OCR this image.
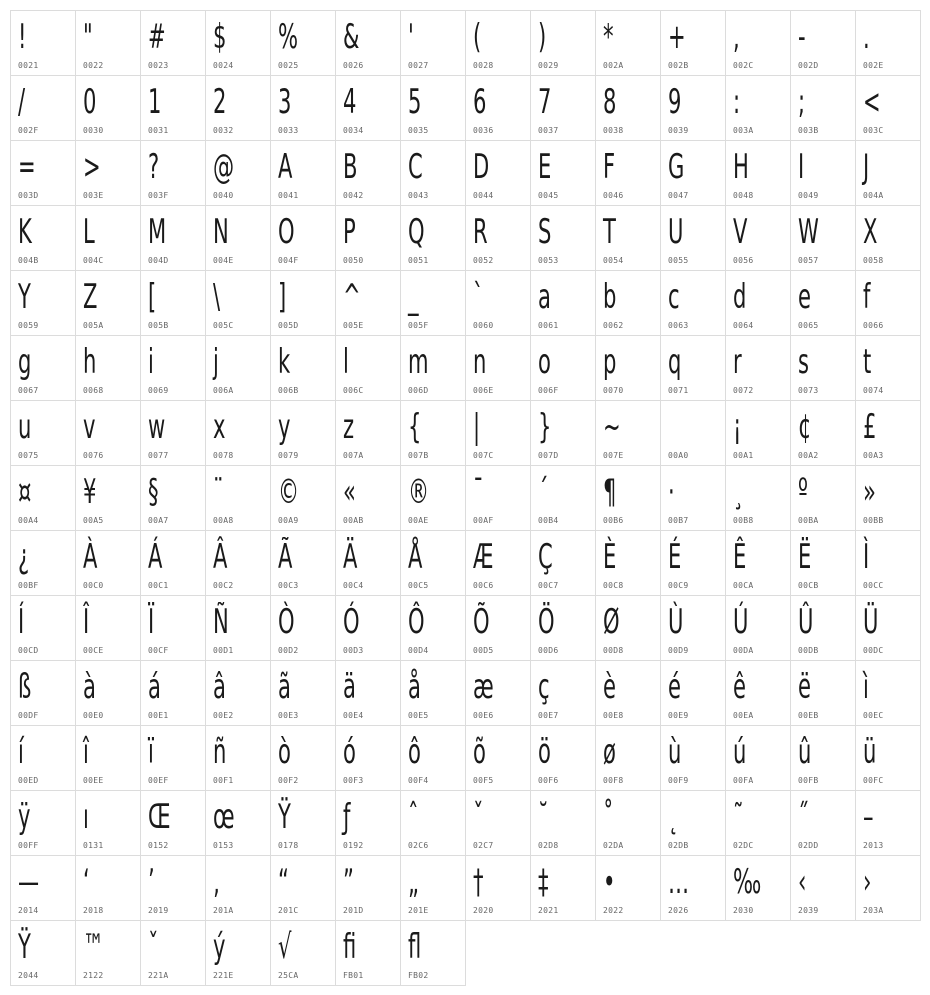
!
0021
"
0022
#
0023
$
0024
%
0025
&
0026
'
0027
(
0028
)
0029
*
002A
+
002B
,
002C
-
002D
.
002E
/
002F
0
0030
1
0031
2
0032
3
0033
4
0034
5
0035
6
0036
7
0037
8
0038
9
0039
:
003A
;
003B
<
003C
=
003D
>
003E
?
003F
@
0040
A
0041
B
0042
C
0043
D
0044
E
0045
F
0046
G
0047
H
0048
I
0049
J
004A
K
004B
L
004C
M
004D
N
004E
O
004F
P
0050
Q
0051
R
0052
S
0053
T
0054
U
0055
V
0056
W
0057
X
0058
Y
0059
Z
005A
[
005B
\
005C
]
005D
^
005E
_
005F
`
0060
a
0061
b
0062
c
0063
d
0064
e
0065
f
0066
g
0067
h
0068
i
0069
j
006A
k
006B
l
006C
m
006D
n
006E
o
006F
p
0070
q
0071
r
0072
s
0073
t
0074
u
0075
v
0076
w
0077
x
0078
y
0079
z
007A
{
007B
|
007C
}
007D
~
007E
	00A0
¡
00A1
¢
00A2
£
00A3
¤
00A4
¥
00A5
§
00A7
¨
00A8
©
00A9
«
00AB
®
00AE
¯
00AF
´
00B4
¶
00B6
·
00B7
¸
00B8
º
00BA
»
00BB
¿
00BF
À
00C0
Á
00C1
Â
00C2
Ã
00C3
Ä
00C4
Å
00C5
Æ
00C6
Ç
00C7
È
00C8
É
00C9
Ê
00CA
Ë
00CB
Ì
00CC
Í
00CD
Î
00CE
Ï
00CF
Ñ
00D1
Ò
00D2
Ó
00D3
Ô
00D4
Õ
00D5
Ö
00D6
Ø
00D8
Ù
00D9
Ú
00DA
Û
00DB
Ü
00DC
ß
00DF
à
00E0
á
00E1
â
00E2
ã
00E3
ä
00E4
å
00E5
æ
00E6
ç
00E7
è
00E8
é
00E9
ê
00EA
ë
00EB
ì
00EC
í
00ED
î
00EE
ï
00EF
ñ
00F1
ò
00F2
ó
00F3
ô
00F4
õ
00F5
ö
00F6
ø
00F8
ù
00F9
ú
00FA
û
00FB
ü
00FC
ÿ
00FF
ı
0131
Œ
0152
œ
0153
Ÿ
0178
ƒ
0192
ˆ
02C6
ˇ
02C7
˘
02D8
˚
02DA
˛
02DB
˜
02DC
˝
02DD
–
2013
—
2014
‘
2018
’
2019
‚
201A
“
201C
”
201D
„
201E
†
2020
‡
2021
•
2022
…
2026
‰
2030
‹
2039
›
203A
Ÿ
2044
™
2122
ˇ
221A
ý
221E
√
25CA
ﬁ
FB01
ﬂ
FB02
